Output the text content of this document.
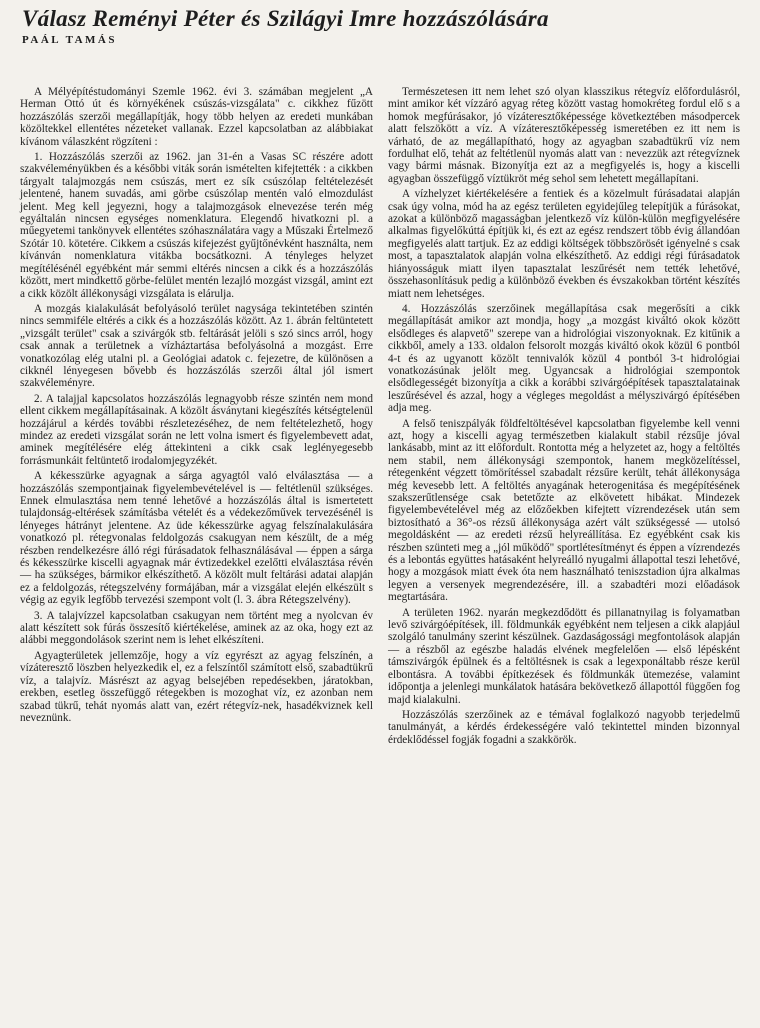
Válasz Reményi Péter és Szilágyi Imre hozzászólására
PAÁL TAMÁS

A Mélyépítéstudományi Szemle 1962. évi 3. számában megjelent „A Herman Ottó út és környékének csúszás-vizsgálata" c. cikkhez fűzött hozzászólás szerzői megállapítják, hogy több helyen az eredeti munkában közöltekkel ellentétes nézeteket vallanak. Ezzel kapcsolatban az alábbiakat kívánom válaszként rögzíteni :

1. Hozzászólás szerzői az 1962. jan 31-én a Vasas SC részére adott szakvéleményükben és a későbbi viták során ismételten kifejtették : a cikkben tárgyalt talajmozgás nem csúszás, mert ez sík csúszólap feltételezését jelentené, hanem suvadás, ami görbe csúszólap mentén való elmozdulást jelent. Meg kell jegyezni, hogy a talajmozgások elnevezése terén még egyáltalán nincsen egységes nomenklatura. Elegendő hivatkozni pl. a műegyetemi tankönyvek ellentétes szóhasználatára vagy a Műszaki Értelmező Szótár 10. kötetére. Cikkem a csúszás kifejezést gyűjtőnévként használta, nem kívánván nomenklatura vitákba bocsátkozni. A tényleges helyzet megítélésénél egyébként már semmi eltérés nincsen a cikk és a hozzászólás között, mert mindkettő görbe-felület mentén lezajló mozgást vizsgál, amint ezt a cikk közölt állékonysági vizsgálata is elárulja.

A mozgás kialakulását befolyásoló terület nagysága tekintetében szintén nincs semmiféle eltérés a cikk és a hozzászólás között. Az 1. ábrán feltüntetett „vizsgált terület" csak a szivárgók stb. feltárását jelöli s szó sincs arról, hogy csak annak a területnek a vízháztartása befolyásolná a mozgást. Erre vonatkozólag elég utalni pl. a Geológiai adatok c. fejezetre, de különösen a cikknél lényegesen bővebb és hozzászólás szerzői által jól ismert szakvéleményre.

2. A talajjal kapcsolatos hozzászólás legnagyobb része szintén nem mond ellent cikkem megállapításainak. A közölt ásványtani kiegészítés kétségtelenül hozzájárul a kérdés további részletezéséhez, de nem feltételezhető, hogy mindez az eredeti vizsgálat során ne lett volna ismert és figyelembevett adat, aminek megítélésére elég áttekinteni a cikk csak leglényegesebb forrásmunkáit feltüntető irodalomjegyzékét.

A kékesszürke agyagnak a sárga agyagtól való elválasztása — a hozzászólás szempontjainak figyelembevételével is — feltétlenül szükséges. Ennek elmulasztása nem tenné lehetővé a hozzászólás által is ismertetett tulajdonság-eltérések számításba vételét és a védekezőművek tervezésénél is lényeges hátrányt jelentene. Az üde kékesszürke agyag felszínalakulására vonatkozó pl. rétegvonalas feldolgozás csakugyan nem készült, de a még részben rendelkezésre álló régi fúrásadatok felhasználásával — éppen a sárga és kékesszürke kiscelli agyagnak már évtizedekkel ezelőtti elválasztása révén — ha szükséges, bármikor elkészíthető. A közölt mult feltárási adatai alapján ez a feldolgozás, rétegszelvény formájában, már a vizsgálat elején elkészült s végig az egyik legfőbb tervezési szempont volt (l. 3. ábra Rétegszelvény).

3. A talajvízzel kapcsolatban csakugyan nem történt meg a nyolcvan év alatt készített sok fúrás összesítő kiértékelése, aminek az az oka, hogy ezt az alábbi meggondolások szerint nem is lehet elkészíteni.

Agyagterületek jellemzője, hogy a víz egyrészt az agyag felszínén, a vízáteresztő löszben helyezkedik el, ez a felszíntől számított első, szabadtükrű víz, a talajvíz. Másrészt az agyag belsejében repedésekben, járatokban, erekben, esetleg összefüggő rétegekben is mozoghat víz, ez azonban nem szabad tükrű, tehát nyomás alatt van, ezért rétegvíz-nek, hasadékviznek kell neveznünk.

Természetesen itt nem lehet szó olyan klasszikus rétegvíz előfordulásról, mint amikor két vízzáró agyag réteg között vastag homokréteg fordul elő s a homok megfúrásakor, jó vízáteresztőképessége következtében másodpercek alatt felszökött a víz. A vízáteresztőképesség ismeretében ez itt nem is várható, de az megállapítható, hogy az agyagban szabadtükrű víz nem fordulhat elő, tehát az feltétlenül nyomás alatt van : nevezzük azt rétegvíznek vagy bármi másnak. Bizonyítja ezt az a megfigyelés is, hogy a kiscelli agyagban összefüggő víztükröt még sehol sem lehetett megállapítani.

A vízhelyzet kiértékelésére a fentiek és a közelmult fúrásadatai alapján csak úgy volna, mód ha az egész területen egyidejűleg telepítjük a fúrásokat, azokat a különböző magasságban jelentkező víz külön-külön megfigyelésére alkalmas figyelőkúttá építjük ki, és ezt az egész rendszert több évig állandóan megfigyelés alatt tartjuk. Ez az eddigi költségek többszörösét igényelné s csak most, a tapasztalatok alapján volna elkészíthető. Az eddigi régi fúrásadatok hiányosságuk miatt ilyen tapasztalat leszűrését nem tették lehetővé, összehasonlításuk pedig a különböző években és évszakokban történt készítés miatt nem lehetséges.

4. Hozzászólás szerzőinek megállapítása csak megerősíti a cikk megállapítását amikor azt mondja, hogy „a mozgást kiváltó okok között elsődleges és alapvető" szerepe van a hidrológiai viszonyoknak. Ez kitűnik a cikkből, amely a 133. oldalon felsorolt mozgás kiváltó okok közül 6 pontból 4-t és az ugyanott közölt tennivalók közül 4 pontból 3-t hidrológiai vonatkozásúnak jelölt meg. Ugyancsak a hidrológiai szempontok elsődlegességét bizonyítja a cikk a korábbi szivárgóépítések tapasztalatainak leszűrésével és azzal, hogy a végleges megoldást a mélyszivárgó építésében adja meg.

A felső teniszpályák földfeltöltésével kapcsolatban figyelembe kell venni azt, hogy a kiscelli agyag természetben kialakult stabil rézsűje jóval lankásabb, mint az itt előfordult. Rontotta még a helyzetet az, hogy a feltöltés nem stabil, nem állékonysági szempontok, hanem megközelítéssel, rétegenként végzett tömörítéssel szabadalt rézsűre került, tehát állékonysága még kevesebb lett. A feltöltés anyagának heterogenitása és megépítésének szakszerűtlensége csak betetőzte az elkövetett hibákat. Mindezek figyelembevételével még az előzőekben kifejtett vízrendezések után sem biztosítható a 36°-os rézsű állékonysága azért vált szükségessé — utolsó megoldásként — az eredeti rézsű helyreállítása. Ez egyébként csak kis részben szünteti meg a „jól működő" sportlétesítményt és éppen a vízrendezés és a lebontás együttes hatásaként helyreálló nyugalmi állapottal teszi lehetővé, hogy a mozgások miatt évek óta nem használható teniszstadion újra alkalmas legyen a versenyek megrendezésére, ill. a szabadtéri mozi előadások megtartására.

A területen 1962. nyarán megkezdődött és pillanatnyilag is folyamatban levő szivárgóépítések, ill. földmunkák egyébként nem teljesen a cikk alapjául szolgáló tanulmány szerint készülnek. Gazdaságossági megfontolások alapján — a részből az egészbe haladás elvének megfelelően — első lépésként támszivárgók épülnek és a feltöltésnek is csak a legexponáltabb része kerül elbontásra. A további építkezések és földmunkák ütemezése, valamint időpontja a jelenlegi munkálatok hatására bekövetkező állapottól függően fog majd kialakulni.

Hozzászólás szerzőinek az e témával foglalkozó nagyobb terjedelmű tanulmányát, a kérdés érdekességére való tekintettel minden bizonnyal érdeklődéssel fogják fogadni a szakkörök.
